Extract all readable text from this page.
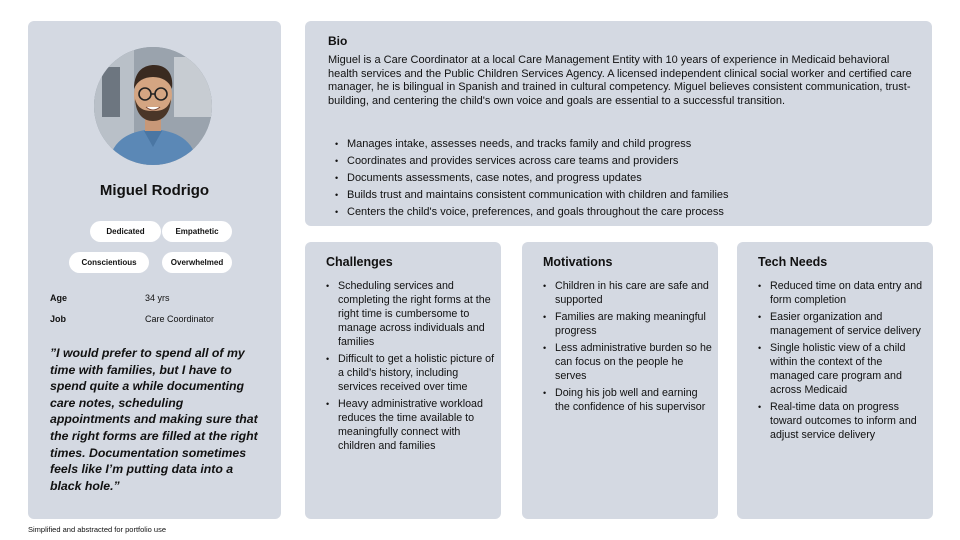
Miguel Rodrigo
Dedicated	Empathetic
Conscientious	Overwhelmed
Age	34 yrs
Job	Care Coordinator
”I would prefer to spend all of my time with families, but I have to spend quite a while documenting care notes, scheduling appointments and making sure that the right forms are filled at the right times. Documentation sometimes feels like I’m putting data into a black hole.”
Bio
Miguel is a Care Coordinator at a local Care Management Entity with 10 years of experience in Medicaid behavioral health services and the Public Children Services Agency. A licensed independent clinical social worker and certified care manager, he is bilingual in Spanish and trained in cultural competency. Miguel believes consistent communication, trust-building, and centering the child's own voice and goals are essential to a successful transition.
• Manages intake, assesses needs, and tracks family and child progress
• Coordinates and provides services across care teams and providers
• Documents assessments, case notes, and progress updates
• Builds trust and maintains consistent communication with children and families
• Centers the child's voice, preferences, and goals throughout the care process
Challenges
• Scheduling services and completing the right forms at the right time is cumbersome to manage across individuals and families
• Difficult to get a holistic picture of a child’s history, including services received over time
• Heavy administrative workload reduces the time available to meaningfully connect with children and families
Motivations
• Children in his care are safe and supported
• Families are making meaningful progress
• Less administrative burden so he can focus on the people he serves
• Doing his job well and earning the confidence of his supervisor
Tech Needs
• Reduced time on data entry and form completion
• Easier organization and management of service delivery
• Single holistic view of a child within the context of the managed care program and across Medicaid
• Real-time data on progress toward outcomes to inform and adjust service delivery
Simplified and abstracted for portfolio use
